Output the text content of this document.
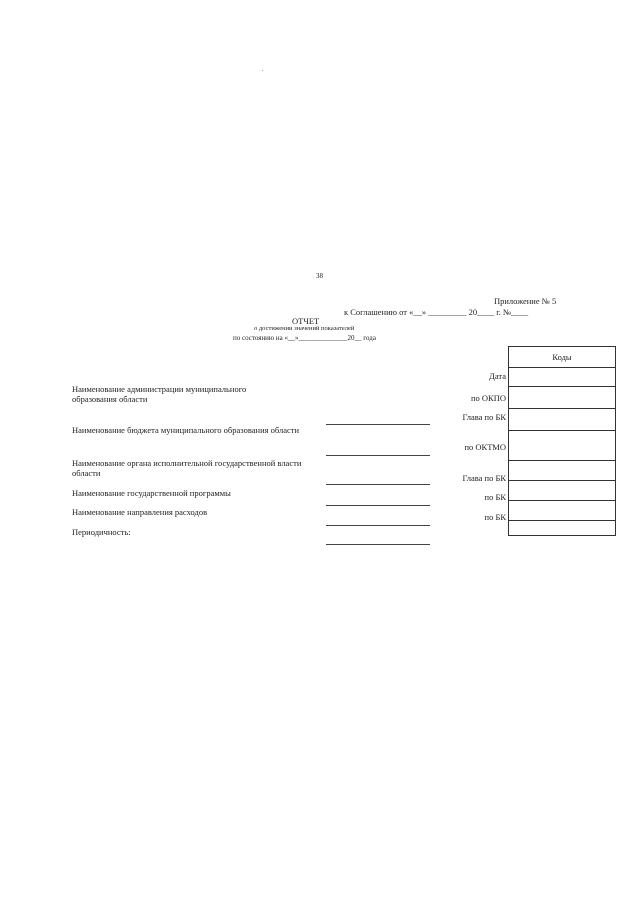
38
Приложение № 5
к Соглашению от «__» _________ 20____ г. №____
ОТЧЕТ
о достижении значений показателей
по состоянию на «__»______________20__ года
Наименование администрации муниципального образования области
Наименование бюджета муниципального образования области
Наименование органа исполнительной государственной власти области
Наименование государственной программы
Наименование направления расходов
Периодичность:
Дата
по ОКПО
Глава по БК
по ОКТМО
Глава по БК
по БК
по БК
Коды
